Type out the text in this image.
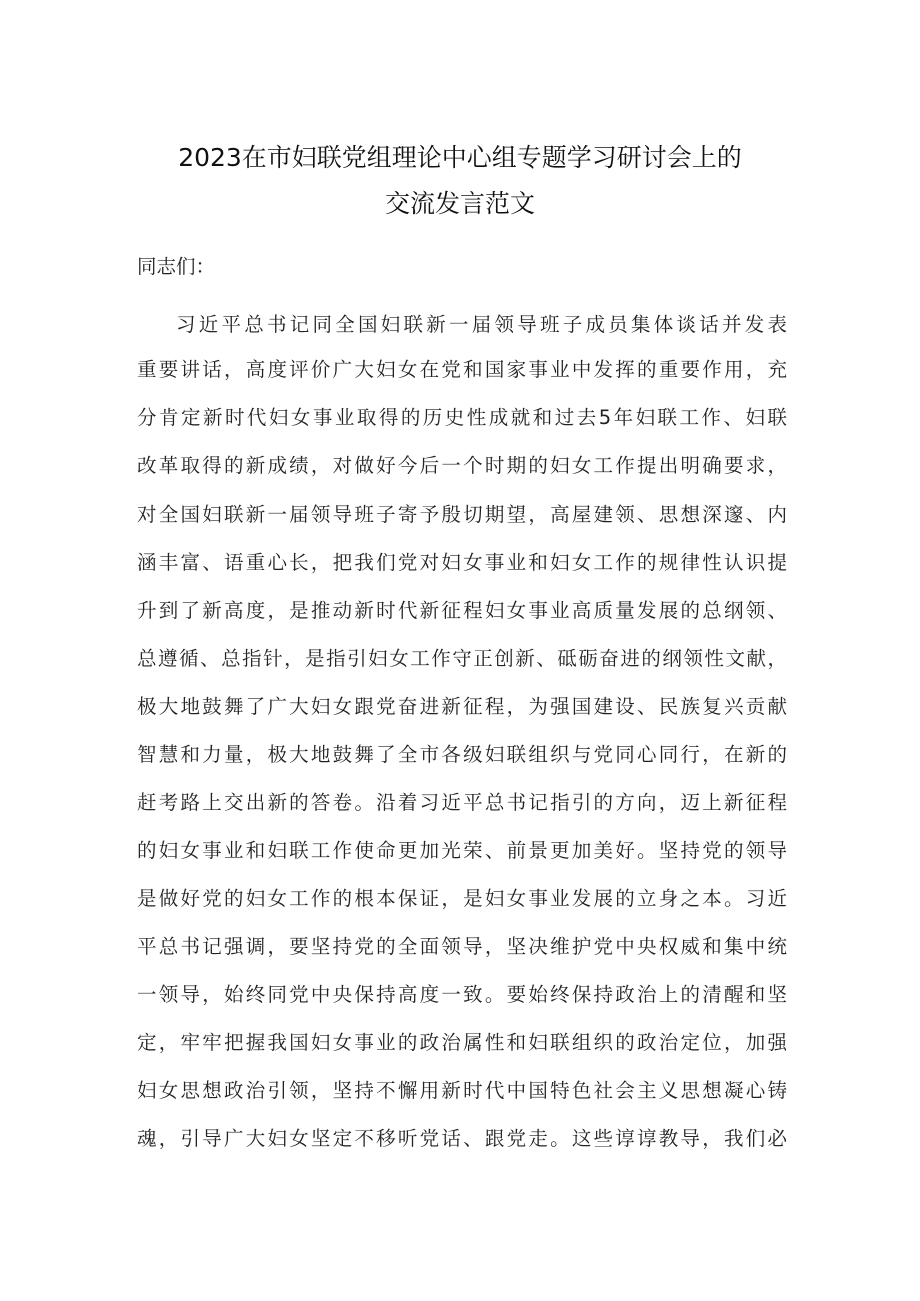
2023在市妇联党组理论中心组专题学习研讨会上的
交流发言范文
同志们：
习近平总书记同全国妇联新一届领导班子成员集体谈话并发表
重要讲话，高度评价广大妇女在党和国家事业中发挥的重要作用，充
分肯定新时代妇女事业取得的历史性成就和过去5年妇联工作、妇联
改革取得的新成绩，对做好今后一个时期的妇女工作提出明确要求，
对全国妇联新一届领导班子寄予殷切期望，高屋建领、思想深邃、内
涵丰富、语重心长，把我们党对妇女事业和妇女工作的规律性认识提
升到了新高度，是推动新时代新征程妇女事业高质量发展的总纲领、
总遵循、总指针，是指引妇女工作守正创新、砥砺奋进的纲领性文献，
极大地鼓舞了广大妇女跟党奋进新征程，为强国建设、民族复兴贡献
智慧和力量，极大地鼓舞了全市各级妇联组织与党同心同行，在新的
赶考路上交出新的答卷。沿着习近平总书记指引的方向，迈上新征程
的妇女事业和妇联工作使命更加光荣、前景更加美好。坚持党的领导
是做好党的妇女工作的根本保证，是妇女事业发展的立身之本。习近
平总书记强调，要坚持党的全面领导，坚决维护党中央权威和集中统
一领导，始终同党中央保持高度一致。要始终保持政治上的清醒和坚
定，牢牢把握我国妇女事业的政治属性和妇联组织的政治定位，加强
妇女思想政治引领，坚持不懈用新时代中国特色社会主义思想凝心铸
魂，引导广大妇女坚定不移听党话、跟党走。这些谆谆教导，我们必
